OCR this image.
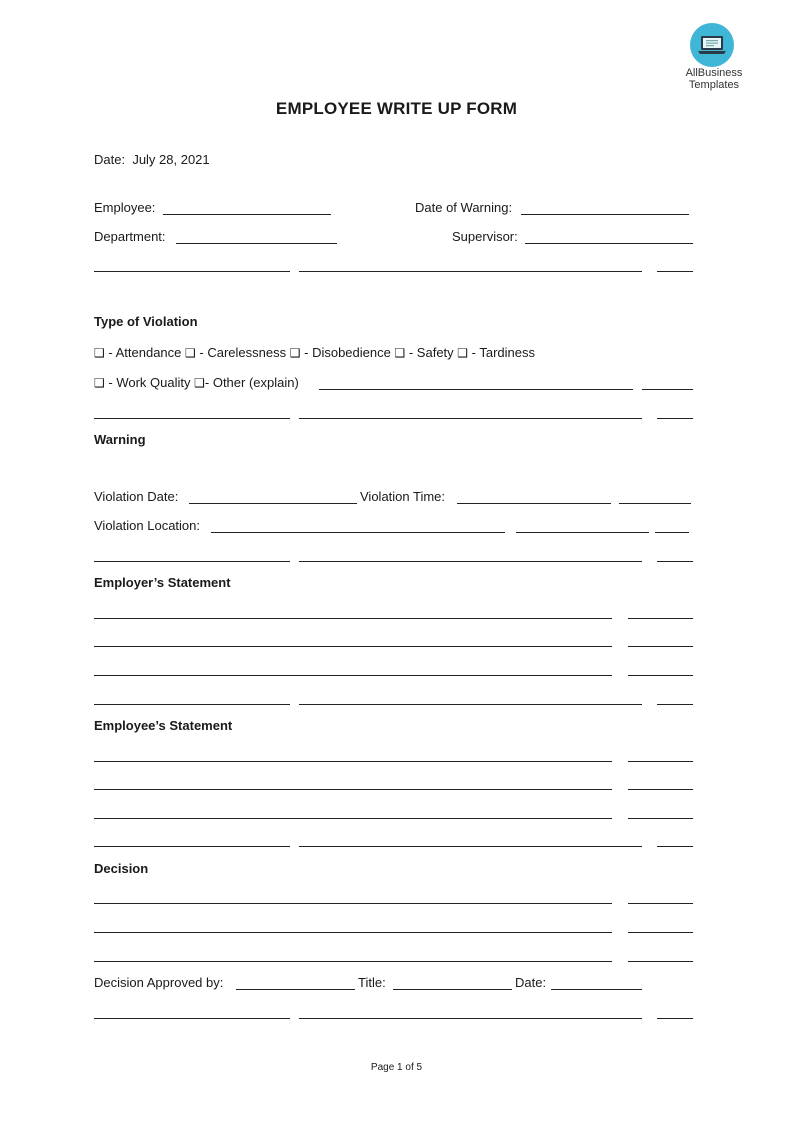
AllBusiness
Templates
EMPLOYEE WRITE UP FORM
Date: July 28, 2021
Employee:	Date of Warning:
Department:	Supervisor:
Type of Violation
❑ - Attendance ❑ - Carelessness ❑ - Disobedience ❑ - Safety ❑ - Tardiness
❑ - Work Quality ❑- Other (explain)
Warning
Violation Date:	Violation Time:
Violation Location:
Employer’s Statement
Employee’s Statement
Decision
Decision Approved by:	Title:	Date:
Page 1 of 5
